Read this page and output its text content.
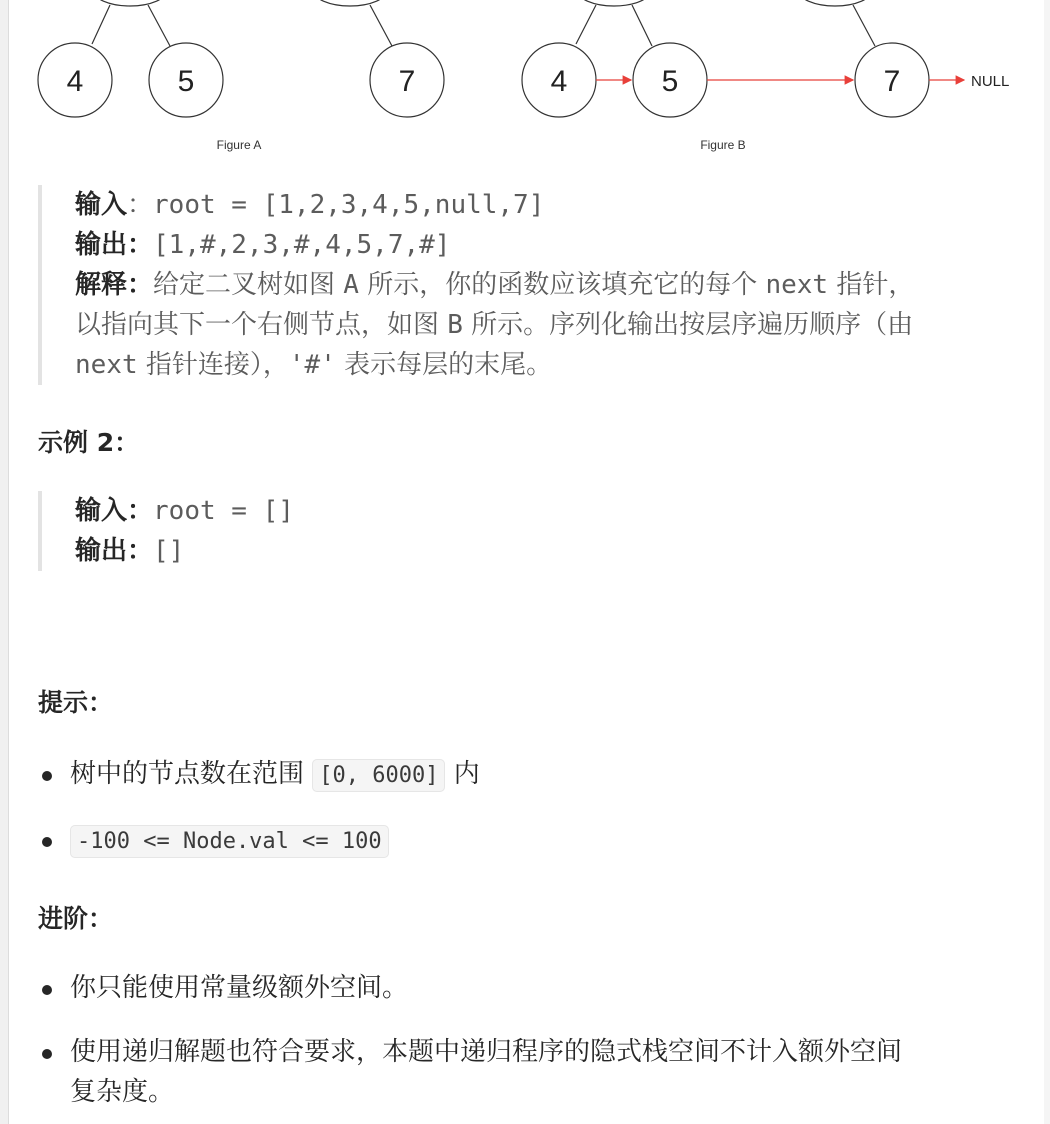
4	5	7
Figure A
4	5	7	NULL
Figure B
输入：root = [1,2,3,4,5,null,7]
输出：[1,#,2,3,#,4,5,7,#]
解释：给定二叉树如图 A 所示，你的函数应该填充它的每个 next 指针，
以指向其下一个右侧节点，如图 B 所示。序列化输出按层序遍历顺序（由
next 指针连接），'#' 表示每层的末尾。
示例 2：
输入：root = []
输出：[]
提示：
树中的节点数在范围 [0, 6000] 内
-100 <= Node.val <= 100
进阶：
你只能使用常量级额外空间。
使用递归解题也符合要求，本题中递归程序的隐式栈空间不计入额外空间
复杂度。
